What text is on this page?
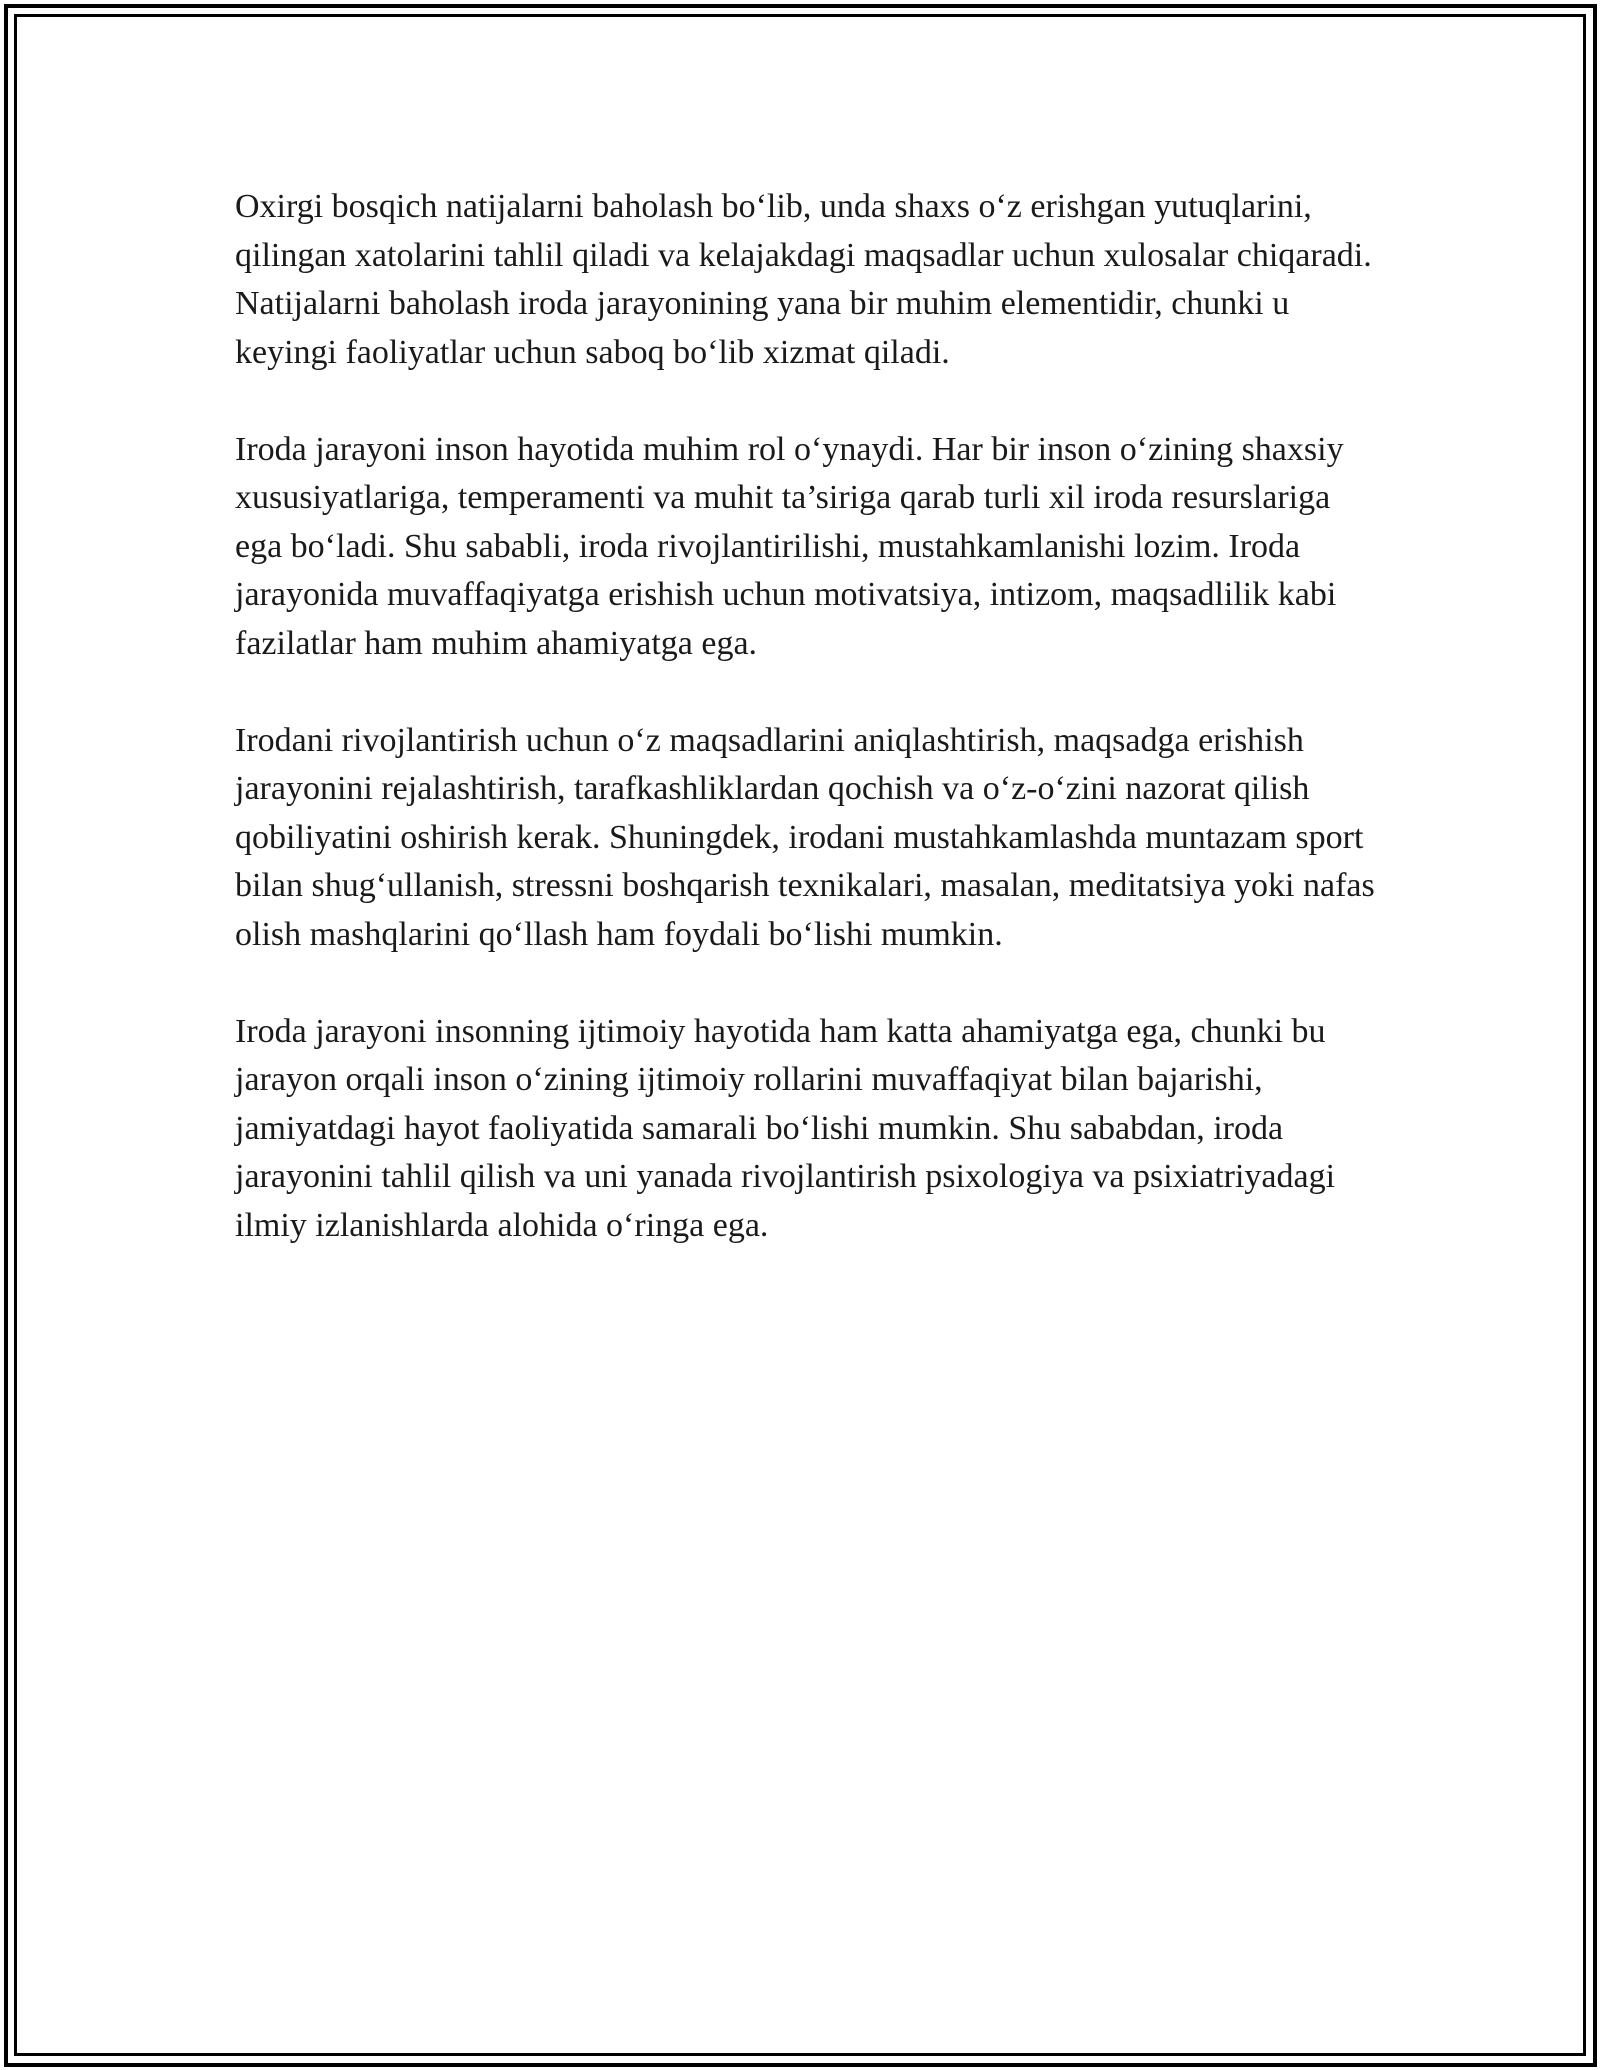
Oxirgi bosqich natijalarni baholash bo‘lib, unda shaxs o‘z erishgan yutuqlarini, qilingan xatolarini tahlil qiladi va kelajakdagi maqsadlar uchun xulosalar chiqaradi. Natijalarni baholash iroda jarayonining yana bir muhim elementidir, chunki u keyingi faoliyatlar uchun saboq bo‘lib xizmat qiladi.

Iroda jarayoni inson hayotida muhim rol o‘ynaydi. Har bir inson o‘zining shaxsiy xususiyatlariga, temperamenti va muhit ta’siriga qarab turli xil iroda resurslariga ega bo‘ladi. Shu sababli, iroda rivojlantirilishi, mustahkamlanishi lozim. Iroda jarayonida muvaffaqiyatga erishish uchun motivatsiya, intizom, maqsadlilik kabi fazilatlar ham muhim ahamiyatga ega.

Irodani rivojlantirish uchun o‘z maqsadlarini aniqlashtirish, maqsadga erishish jarayonini rejalashtirish, tarafkashliklardan qochish va o‘z-o‘zini nazorat qilish qobiliyatini oshirish kerak. Shuningdek, irodani mustahkamlashda muntazam sport bilan shug‘ullanish, stressni boshqarish texnikalari, masalan, meditatsiya yoki nafas olish mashqlarini qo‘llash ham foydali bo‘lishi mumkin.

Iroda jarayoni insonning ijtimoiy hayotida ham katta ahamiyatga ega, chunki bu jarayon orqali inson o‘zining ijtimoiy rollarini muvaffaqiyat bilan bajarishi, jamiyatdagi hayot faoliyatida samarali bo‘lishi mumkin. Shu sababdan, iroda jarayonini tahlil qilish va uni yanada rivojlantirish psixologiya va psixiatriyadagi ilmiy izlanishlarda alohida o‘ringa ega.
